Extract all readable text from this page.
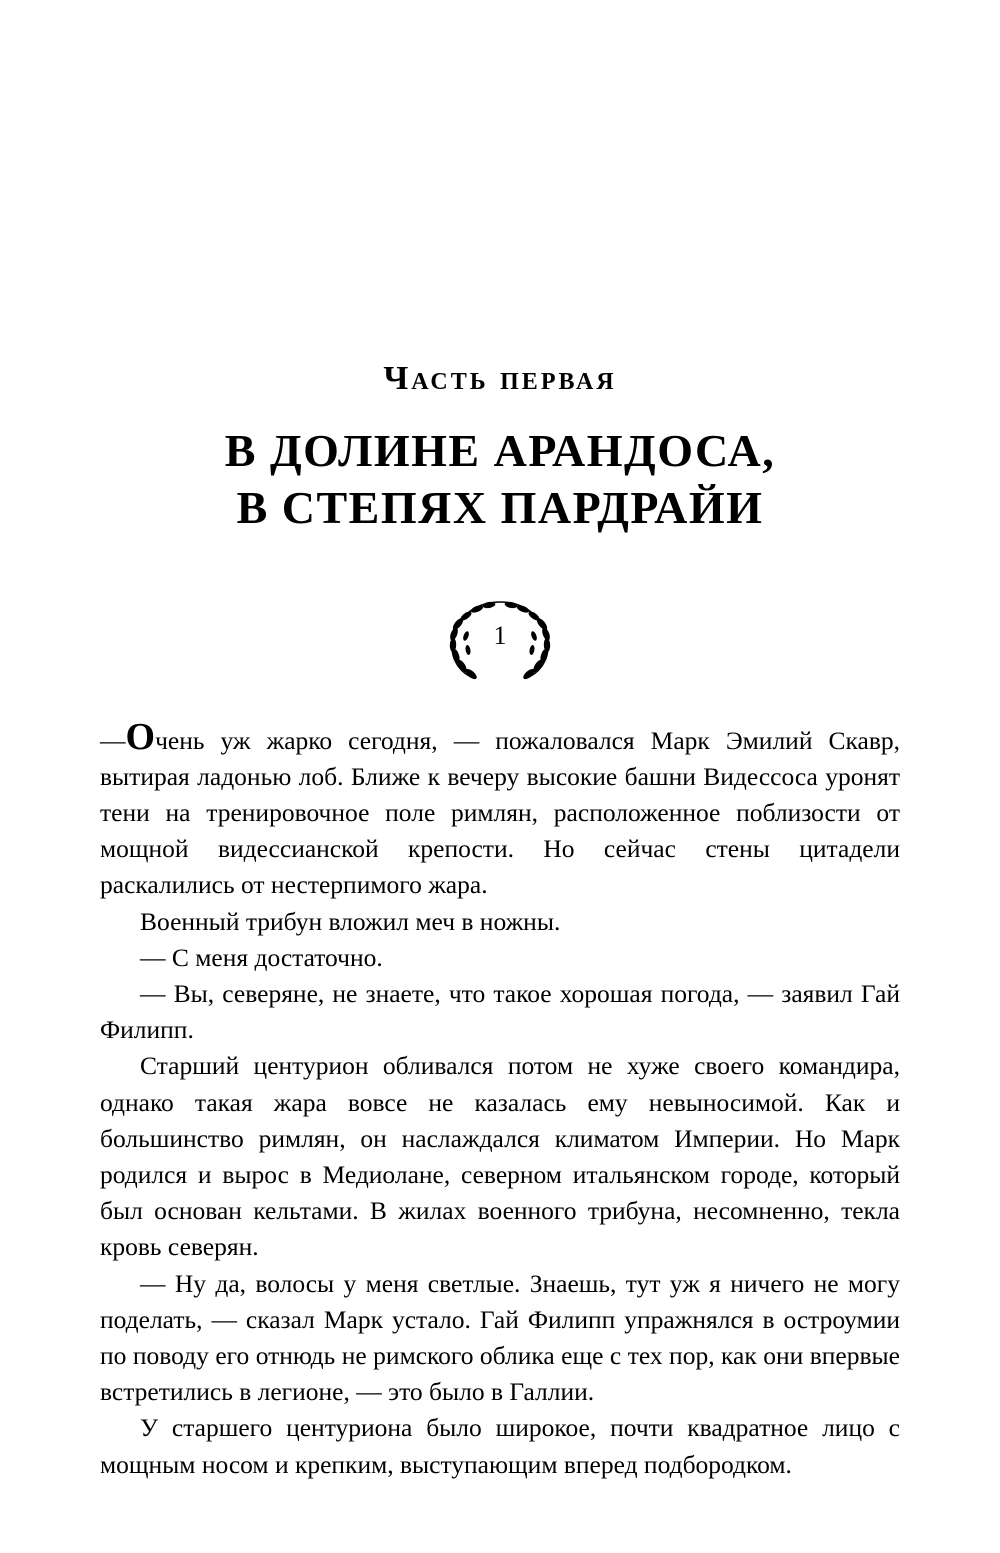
Часть первая
В ДОЛИНЕ АРАНДОСА,
В СТЕПЯХ ПАРДРАЙИ
1

—Очень уж жарко сегодня, — пожаловался Марк Эмилий Скавр, вытирая ладонью лоб. Ближе к вечеру высокие башни Видессоса уронят тени на тренировочное поле римлян, расположенное поблизости от мощной видессианской крепости. Но сейчас стены цитадели раскалились от нестерпимого жара.

Военный трибун вложил меч в ножны.

— С меня достаточно.

— Вы, северяне, не знаете, что такое хорошая погода, — заявил Гай Филипп.

Старший центурион обливался потом не хуже своего командира, однако такая жара вовсе не казалась ему невыносимой. Как и большинство римлян, он наслаждался климатом Империи. Но Марк родился и вырос в Медиолане, северном итальянском городе, который был основан кельтами. В жилах военного трибуна, несомненно, текла кровь северян.

— Ну да, волосы у меня светлые. Знаешь, тут уж я ничего не могу поделать, — сказал Марк устало. Гай Филипп упражнялся в остроумии по поводу его отнюдь не римского облика еще с тех пор, как они впервые встретились в легионе, — это было в Галлии.

У старшего центуриона было широкое, почти квадратное лицо с мощным носом и крепким, выступающим вперед подбородком.
